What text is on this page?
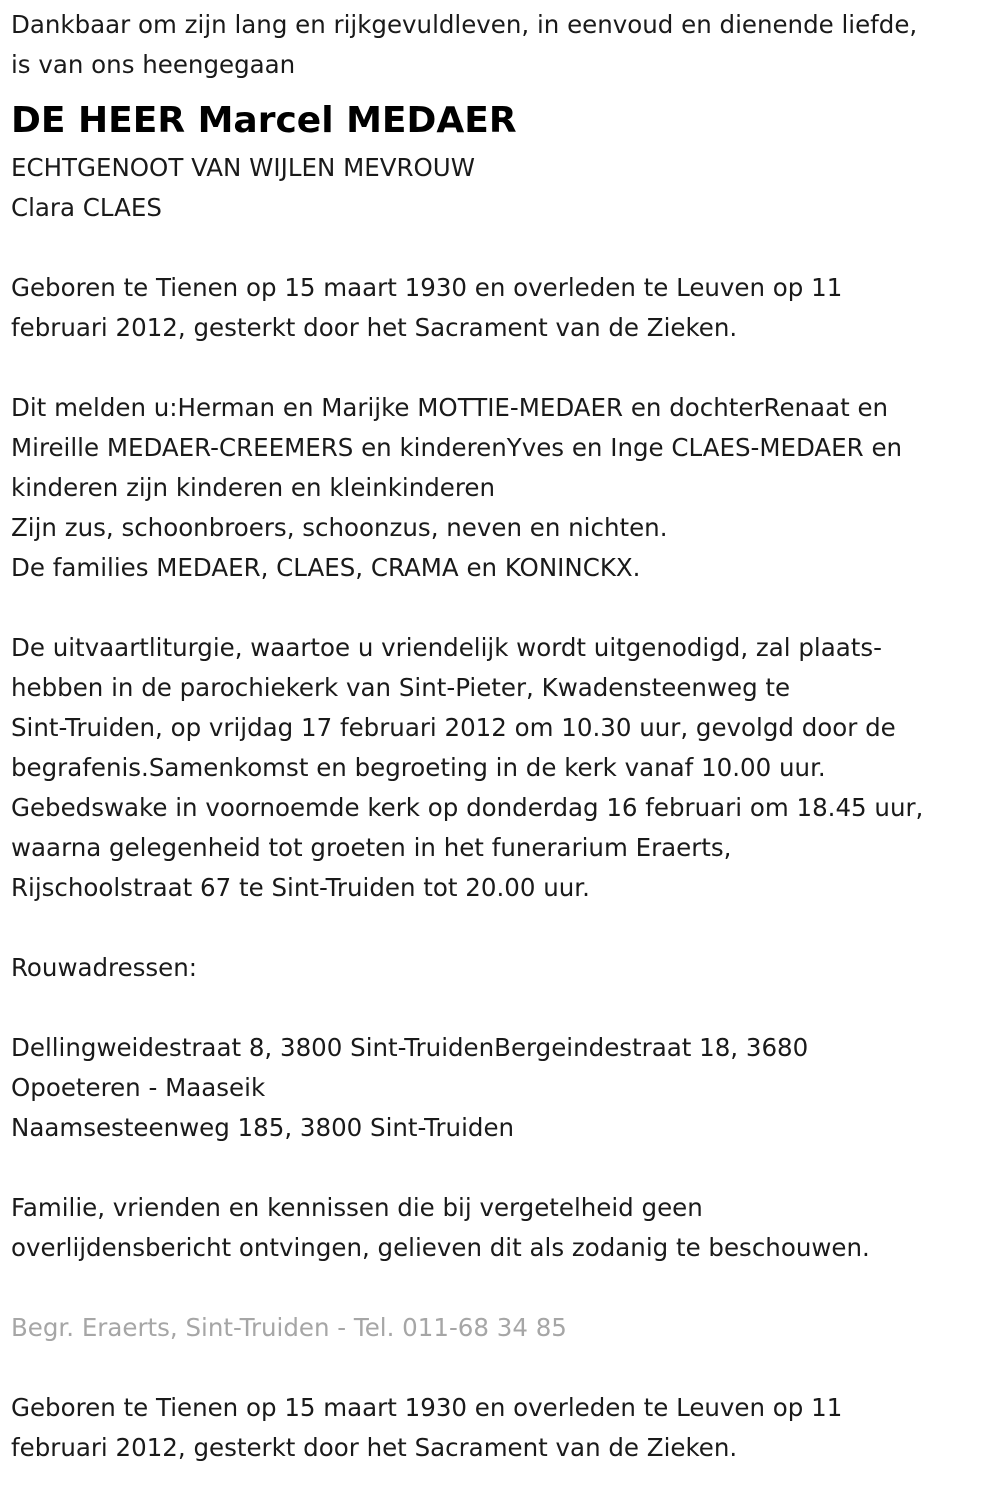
Dankbaar om zijn lang en rijkgevuldleven, in eenvoud en dienende liefde,
is van ons heengegaan
DE HEER Marcel MEDAER
ECHTGENOOT VAN WIJLEN MEVROUW
Clara CLAES
Geboren te Tienen op 15 maart 1930 en overleden te Leuven op 11
februari 2012, gesterkt door het Sacrament van de Zieken.
Dit melden u:Herman en Marijke MOTTIE-MEDAER en dochterRenaat en
Mireille MEDAER-CREEMERS en kinderenYves en Inge CLAES-MEDAER en
kinderen zijn kinderen en kleinkinderen
Zijn zus, schoonbroers, schoonzus, neven en nichten.
De families MEDAER, CLAES, CRAMA en KONINCKX.
De uitvaartliturgie, waartoe u vriendelijk wordt uitgenodigd, zal plaats-
hebben in de parochiekerk van Sint-Pieter, Kwadensteenweg te
Sint-Truiden, op vrijdag 17 februari 2012 om 10.30 uur, gevolgd door de
begrafenis.Samenkomst en begroeting in de kerk vanaf 10.00 uur.
Gebedswake in voornoemde kerk op donderdag 16 februari om 18.45 uur,
waarna gelegenheid tot groeten in het funerarium Eraerts,
Rijschoolstraat 67 te Sint-Truiden tot 20.00 uur.
Rouwadressen:
Dellingweidestraat 8, 3800 Sint-TruidenBergeindestraat 18, 3680
Opoeteren - Maaseik
Naamsesteenweg 185, 3800 Sint-Truiden
Familie, vrienden en kennissen die bij vergetelheid geen
overlijdensbericht ontvingen, gelieven dit als zodanig te beschouwen.
Begr. Eraerts, Sint-Truiden - Tel. 011-68 34 85
Geboren te Tienen op 15 maart 1930 en overleden te Leuven op 11
februari 2012, gesterkt door het Sacrament van de Zieken.
